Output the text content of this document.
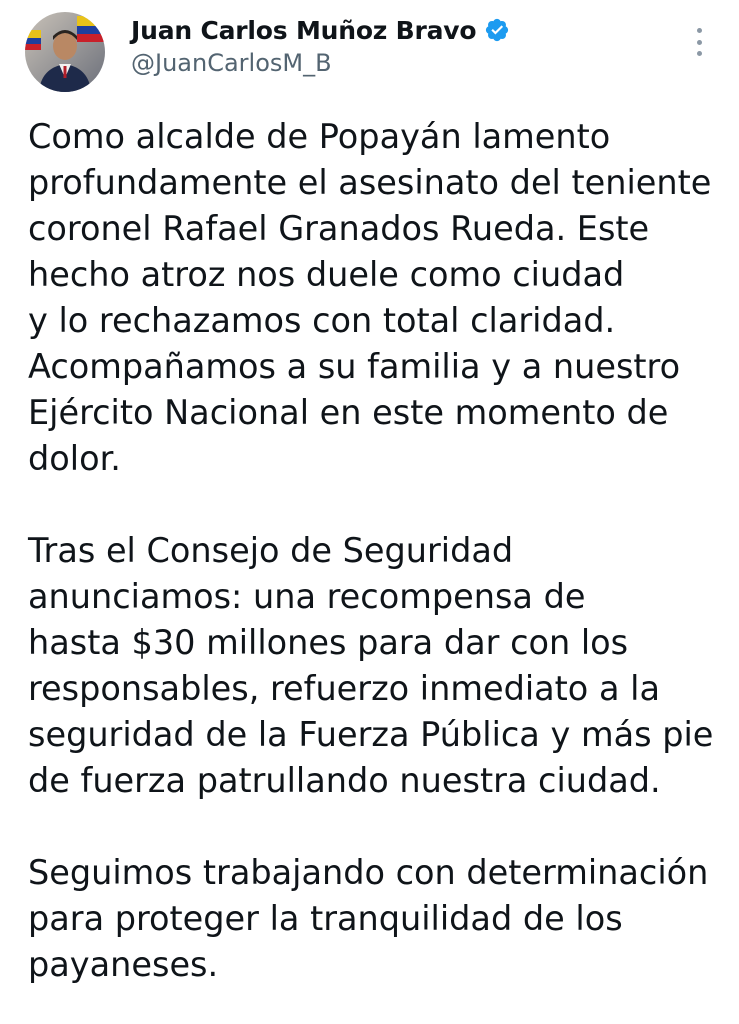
Juan Carlos Muñoz Bravo
@JuanCarlosM_B

Como alcalde de Popayán lamento
profundamente el asesinato del teniente
coronel Rafael Granados Rueda. Este
hecho atroz nos duele como ciudad
y lo rechazamos con total claridad.
Acompañamos a su familia y a nuestro
Ejército Nacional en este momento de
dolor.

Tras el Consejo de Seguridad
anunciamos: una recompensa de
hasta $30 millones para dar con los
responsables, refuerzo inmediato a la
seguridad de la Fuerza Pública y más pie
de fuerza patrullando nuestra ciudad.

Seguimos trabajando con determinación
para proteger la tranquilidad de los
payaneses.
